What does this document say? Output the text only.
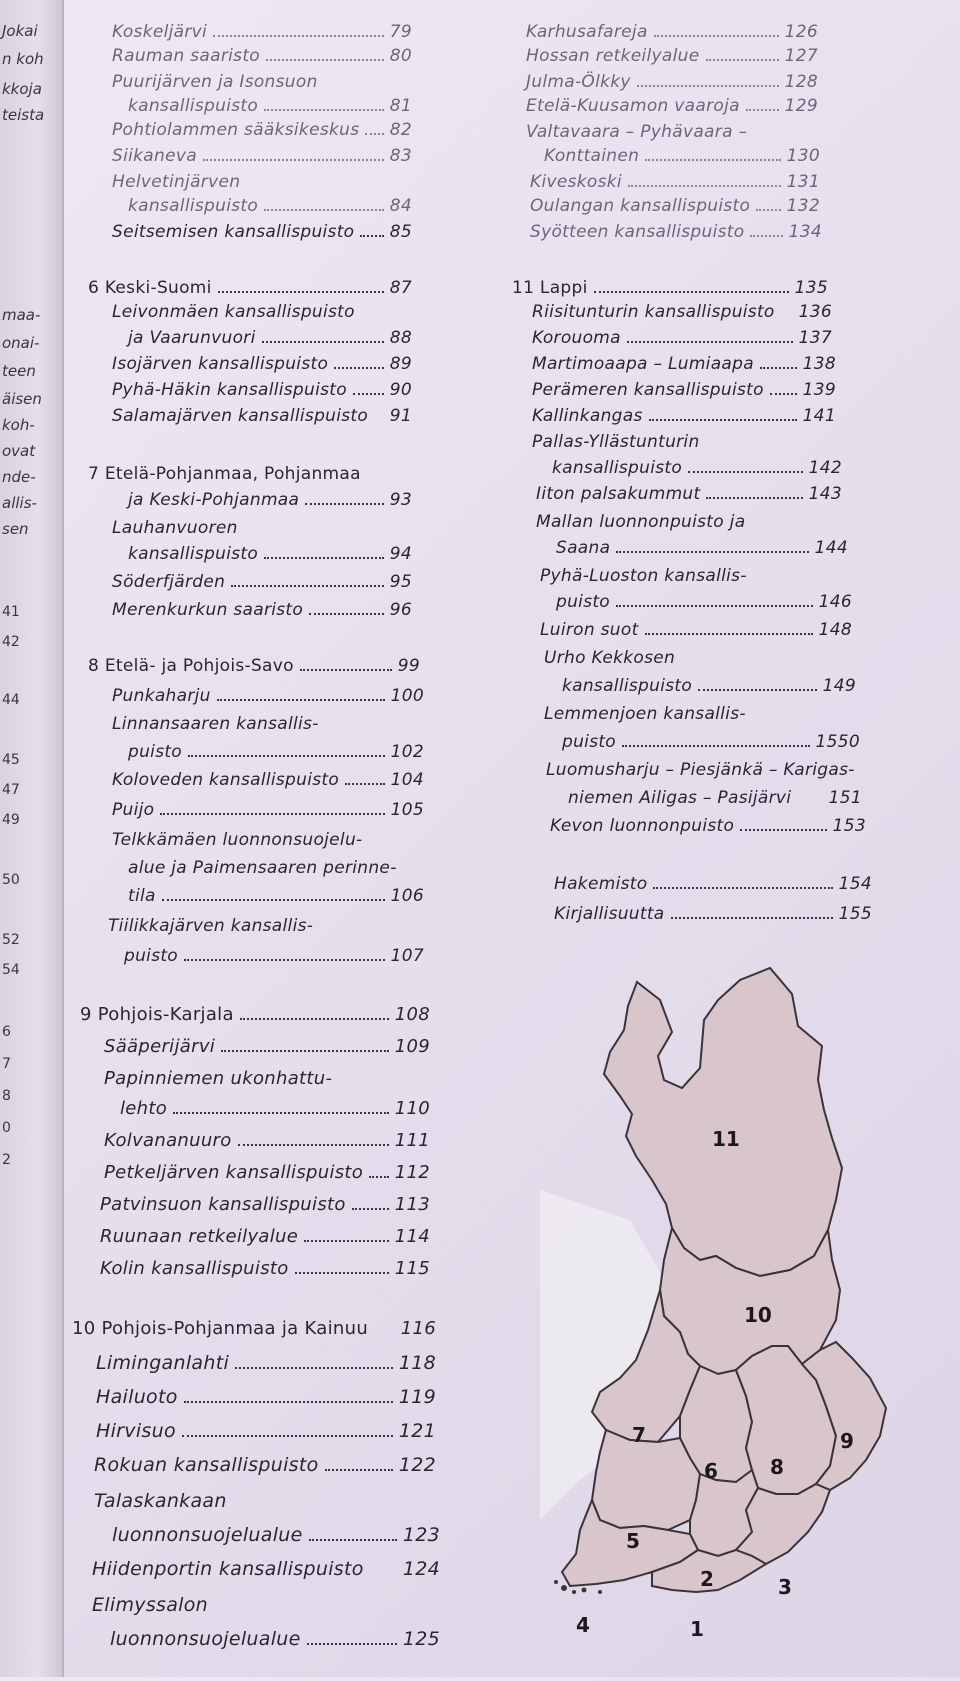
Jokai
n koh
kkoja
teista
maa-
onai-
teen
äisen
koh-
ovat
nde-
allis-
sen
41
42
44
45
47
49
50
52
54
6
7
8
0
2
Koskeljärvi	79
Rauman saaristo	80
Puurijärven ja Isonsuon
kansallispuisto	81
Pohtiolammen sääksikeskus 82
Siikaneva	83
Helvetinjärven
kansallispuisto	84
Seitsemisen kansallispuisto 85
6 Keski-Suomi	87
Leivonmäen kansallispuisto
ja Vaarunvuori	88
Isojärven kansallispuisto	89
Pyhä-Häkin kansallispuisto	90
Salamajärven kansallispuisto 91
7 Etelä-Pohjanmaa, Pohjanmaa
ja Keski-Pohjanmaa	93
Lauhanvuoren
kansallispuisto	94
Söderfjärden	95
Merenkurkun saaristo	96
8 Etelä- ja Pohjois-Savo	99
Punkaharju	100
Linnansaaren kansallis-
puisto	102
Koloveden kansallispuisto	104
Puijo	105
Telkkämäen luonnonsuojelu-
alue ja Paimensaaren perinne-
tila	106
Tiilikkajärven kansallis-
puisto	107
9 Pohjois-Karjala	108
Sääperijärvi	109
Papinniemen ukonhattu-
lehto	110
Kolvananuuro	111
Petkeljärven kansallispuisto 112
Patvinsuon kansallispuisto	113
Ruunaan retkeilyalue	114
Kolin kansallispuisto	115
10 Pohjois-Pohjanmaa ja Kainuu 116
Liminganlahti	118
Hailuoto	119
Hirvisuo	121
Rokuan kansallispuisto	122
Talaskankaan
luonnonsuojelualue	123
Hiidenportin kansallispuisto 124
Elimyssalon
luonnonsuojelualue	125
Karhusafareja	126
Hossan retkeilyalue	127
Julma-Ölkky	128
Etelä-Kuusamon vaaroja	129
Valtavaara – Pyhävaara –
Konttainen	130
Kiveskoski	131
Oulangan kansallispuisto 132
Syötteen kansallispuisto	134
11 Lappi	135
Riisitunturin kansallispuisto 136
Korouoma	137
Martimoaapa – Lumiaapa	138
Perämeren kansallispuisto 139
Kallinkangas	141
Pallas-Yllästunturin
kansallispuisto	142
Iiton palsakummut	143
Mallan luonnonpuisto ja
Saana	144
Pyhä-Luoston kansallis-
puisto	146
Luiron suot	148
Urho Kekkosen
kansallispuisto	149
Lemmenjoen kansallis-
puisto	1550
Luomusharju – Piesjänkä – Karigas-
niemen Ailigas – Pasijärvi 151
Kevon luonnonpuisto	153
Hakemisto	154
Kirjallisuutta	155
11
10
9
8
7
6
5
4
3
2
1
